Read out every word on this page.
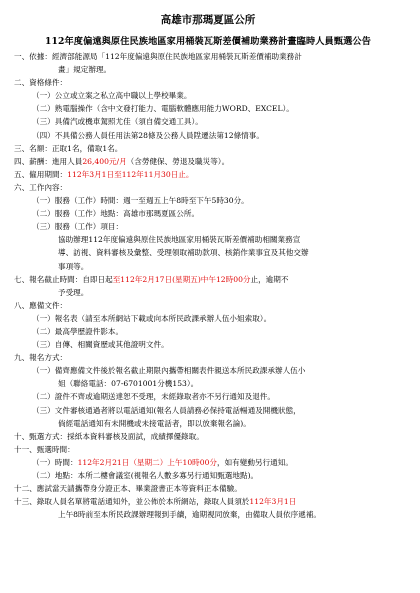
高雄市那瑪夏區公所
112年度偏遠與原住民族地區家用桶裝瓦斯差價補助業務計畫臨時人員甄選公告
一、依據：經濟部能源局「112年度偏遠與原住民族地區家用桶裝瓦斯差價補助業務計
畫」規定辦理。
二、資格條件：
（一）公立或立案之私立高中職以上學校畢業。
（二）熟電腦操作（含中文發打能力、電腦軟體應用能力WORD、EXCEL）。
（三）具備汽或機車駕照尤佳（須自備交通工具）。
（四）不具備公務人員任用法第28條及公務人員陞遷法第12條情事。
三、名額：正取1名，備取1名。
四、薪酬：進用人員26,400元/月（含勞健保、勞退及職災等）。
五、僱用期間：112年3月1日至112年11月30日止。
六、工作內容：
（一）服務（工作）時間：週一至週五上午8時至下午5時30分。
（二）服務（工作）地點：高雄市那瑪夏區公所。
（三）服務（工作）項目：
協助辦理112年度偏遠與原住民族地區家用桶裝瓦斯差價補助相關業務宣
導、訪視、資料審核及彙整、受理領取補助款項、核銷作業事宜及其他交辦
事項等。
七、報名截止時間：自即日起至112年2月17日(星期五)中午12時00分止，逾期不
予受理。
八、應備文件：
（一）報名表（請至本所網站下載或向本所民政課承辦人伍小姐索取）。
（二）最高學歷證件影本。
（三）自傳、相關資歷或其他證明文件。
九、報名方式：
（一）備齊應備文件後於報名截止期限內攜帶相關表件親送本所民政課承辦人伍小
姐（聯絡電話：07-6701001分機153）。
（二）證件不齊或逾期送達恕不受理，未經錄取者亦不另行通知及退件。
（三）文件審核通過者將以電話通知(報名人員請務必保持電話暢通及開機狀態，
倘經電話通知有未開機或未接電話者，即以放棄報名論)。
十、甄選方式：採紙本資料審核及面試，成績擇優錄取。
十一、甄選時間：
（一）時間：112年2月21日（星期二）上午10時00分，如有變動另行通知。
（二）地點：本所二樓會議室(視報名人數多寡另行通知甄選地點)。
十二、應試當天請攜帶身分證正本、畢業證書正本等資料正本備驗。
十三、錄取人員名單將電話通知外，並公佈於本所網站，錄取人員須於112年3月1日
上午8時前至本所民政課辦理報到手續，逾期視同放棄，由備取人員依序遞補。
